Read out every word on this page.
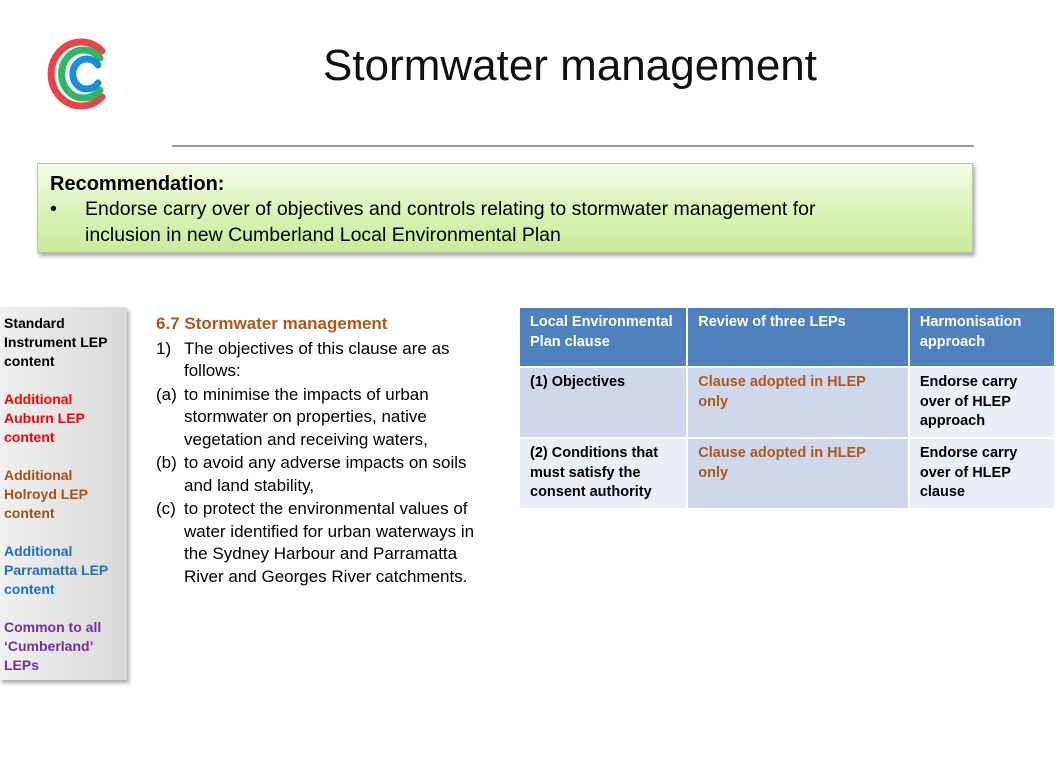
Stormwater management
Recommendation:
•	Endorse carry over of objectives and controls relating to stormwater management for
inclusion in new Cumberland Local Environmental Plan
Standard Instrument LEP content
Additional Auburn LEP content
Additional Holroyd LEP content
Additional Parramatta LEP content
Common to all ‘Cumberland’ LEPs
6.7 Stormwater management
1) The objectives of this clause are as follows:
(a) to minimise the impacts of urban stormwater on properties, native vegetation and receiving waters,
(b) to avoid any adverse impacts on soils and land stability,
(c) to protect the environmental values of water identified for urban waterways in the Sydney Harbour and Parramatta River and Georges River catchments.
Local Environmental Plan clause	Review of three LEPs	Harmonisation approach
(1) Objectives	Clause adopted in HLEP only	Endorse carry over of HLEP approach
(2) Conditions that must satisfy the consent authority	Clause adopted in HLEP only	Endorse carry over of HLEP clause
